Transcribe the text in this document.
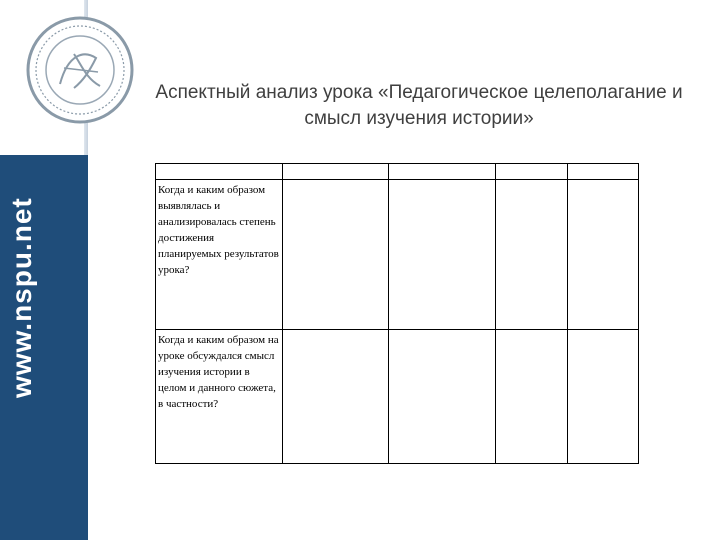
www.nspu.net
Аспектный анализ урока «Педагогическое целеполагание и смысл изучения истории»

Когда и каким образом выявлялась и анализировалась степень достижения планируемых результатов урока?				
Когда и каким образом на уроке обсуждался смысл изучения истории в целом и данного сюжета, в частности?				
